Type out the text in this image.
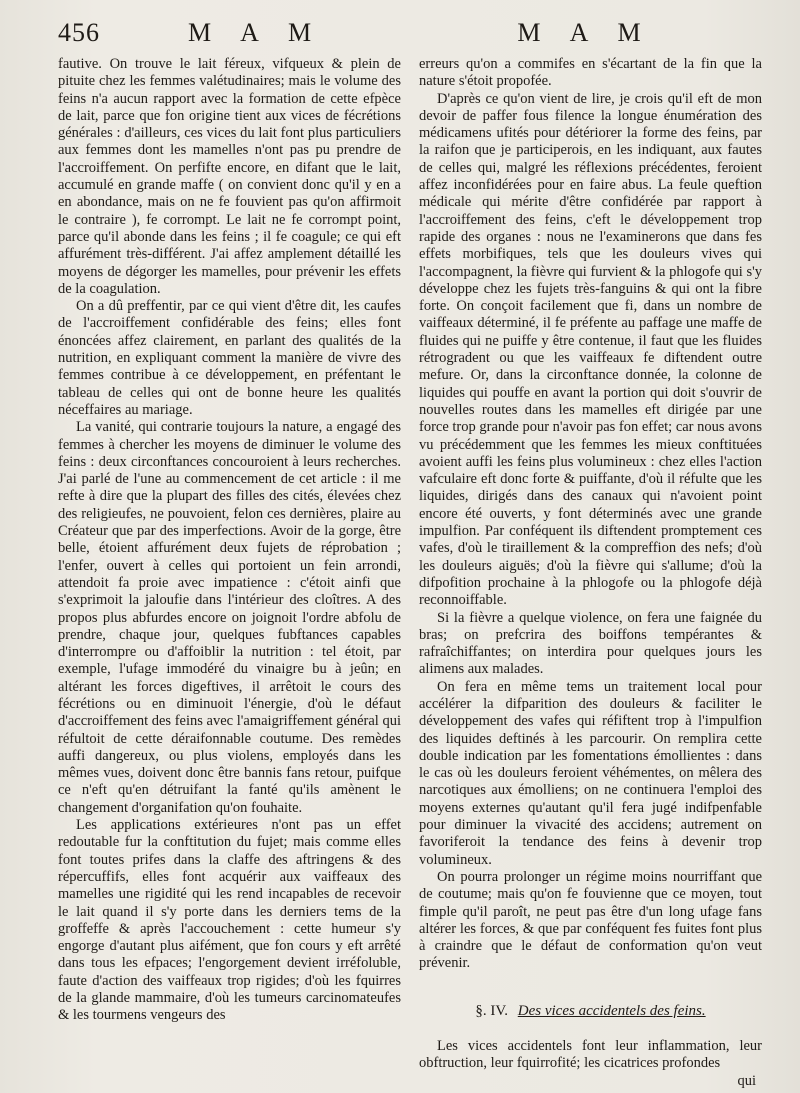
456	M A M	M A M

fautive. On trouve le lait féreux, vifqueux & plein de pituite chez les femmes valétudinaires; mais le volume des feins n'a aucun rapport avec la formation de cette efpèce de lait, parce que fon origine tient aux vices de fécrétions générales : d'ailleurs, ces vices du lait font plus particuliers aux femmes dont les mamelles n'ont pas pu prendre de l'accroiffement. On perfifte encore, en difant que le lait, accumulé en grande maffe ( on convient donc qu'il y en a en abondance, mais on ne fe fouvient pas qu'on affirmoit le contraire ), fe corrompt. Le lait ne fe corrompt point, parce qu'il abonde dans les feins ; il fe coagule; ce qui eft affurément très-différent. J'ai affez amplement détaillé les moyens de dégorger les mamelles, pour prévenir les effets de la coagulation.

On a dû preffentir, par ce qui vient d'être dit, les caufes de l'accroiffement confidérable des feins; elles font énoncées affez clairement, en parlant des qualités de la nutrition, en expliquant comment la manière de vivre des femmes contribue à ce développement, en préfentant le tableau de celles qui ont de bonne heure les qualités néceffaires au mariage.

La vanité, qui contrarie toujours la nature, a engagé des femmes à chercher les moyens de diminuer le volume des feins : deux circonftances concouroient à leurs recherches. J'ai parlé de l'une au commencement de cet article : il me refte à dire que la plupart des filles des cités, élevées chez des religieufes, ne pouvoient, felon ces dernières, plaire au Créateur que par des imperfections. Avoir de la gorge, être belle, étoient affurément deux fujets de réprobation ; l'enfer, ouvert à celles qui portoient un fein arrondi, attendoit fa proie avec impatience : c'étoit ainfi que s'exprimoit la jaloufie dans l'intérieur des cloîtres. A des propos plus abfurdes encore on joignoit l'ordre abfolu de prendre, chaque jour, quelques fubftances capables d'interrompre ou d'affoiblir la nutrition : tel étoit, par exemple, l'ufage immodéré du vinaigre bu à jeûn; en altérant les forces digeftives, il arrêtoit le cours des fécrétions ou en diminuoit l'énergie, d'où le défaut d'accroiffement des feins avec l'amaigriffement général qui réfultoit de cette déraifonnable coutume. Des remèdes auffi dangereux, ou plus violens, employés dans les mêmes vues, doivent donc être bannis fans retour, puifque ce n'eft qu'en détruifant la fanté qu'ils amènent le changement d'organifation qu'on fouhaite.

Les applications extérieures n'ont pas un effet redoutable fur la conftitution du fujet; mais comme elles font toutes prifes dans la claffe des aftringens & des répercuffifs, elles font acquérir aux vaiffeaux des mamelles une rigidité qui les rend incapables de recevoir le lait quand il s'y porte dans les derniers tems de la groffeffe & après l'accouchement : cette humeur s'y engorge d'autant plus aifément, que fon cours y eft arrêté dans tous les efpaces; l'engorgement devient irréfoluble, faute d'action des vaiffeaux trop rigides; d'où les fquirres de la glande mammaire, d'où les tumeurs carcinomateufes & les tourmens vengeurs des

erreurs qu'on a commifes en s'écartant de la fin que la nature s'étoit propofée.

D'après ce qu'on vient de lire, je crois qu'il eft de mon devoir de paffer fous filence la longue énumération des médicamens ufités pour détériorer la forme des feins, par la raifon que je participerois, en les indiquant, aux fautes de celles qui, malgré les réflexions précédentes, feroient affez inconfidérées pour en faire abus. La feule queftion médicale qui mérite d'être confidérée par rapport à l'accroiffement des feins, c'eft le développement trop rapide des organes : nous ne l'examinerons que dans fes effets morbifiques, tels que les douleurs vives qui l'accompagnent, la fièvre qui furvient & la phlogofe qui s'y développe chez les fujets très-fanguins & qui ont la fibre forte. On conçoit facilement que fi, dans un nombre de vaiffeaux déterminé, il fe préfente au paffage une maffe de fluides qui ne puiffe y être contenue, il faut que les fluides rétrogradent ou que les vaiffeaux fe diftendent outre mefure. Or, dans la circonftance donnée, la colonne de liquides qui pouffe en avant la portion qui doit s'ouvrir de nouvelles routes dans les mamelles eft dirigée par une force trop grande pour n'avoir pas fon effet; car nous avons vu précédemment que les femmes les mieux conftituées avoient auffi les feins plus volumineux : chez elles l'action vafculaire eft donc forte & puiffante, d'où il réfulte que les liquides, dirigés dans des canaux qui n'avoient point encore été ouverts, y font déterminés avec une grande impulfion. Par conféquent ils diftendent promptement ces vafes, d'où le tiraillement & la compreffion des nefs; d'où les douleurs aiguës; d'où la fièvre qui s'allume; d'où la difpofition prochaine à la phlogofe ou la phlogofe déjà reconnoiffable.

Si la fièvre a quelque violence, on fera une faignée du bras; on prefcrira des boiffons tempérantes & rafraîchiffantes; on interdira pour quelques jours les alimens aux malades.

On fera en même tems un traitement local pour accélérer la difparition des douleurs & faciliter le développement des vafes qui réfiftent trop à l'impulfion des liquides deftinés à les parcourir. On remplira cette double indication par les fomentations émollientes : dans le cas où les douleurs feroient véhémentes, on mêlera des narcotiques aux émolliens; on ne continuera l'emploi des moyens externes qu'autant qu'il fera jugé indifpenfable pour diminuer la vivacité des accidens; autrement on favoriferoit la tendance des feins à devenir trop volumineux.

On pourra prolonger un régime moins nourriffant que de coutume; mais qu'on fe fouvienne que ce moyen, tout fimple qu'il paroît, ne peut pas être d'un long ufage fans altérer les forces, & que par conféquent fes fuites font plus à craindre que le défaut de conformation qu'on veut prévenir.

§. IV. Des vices accidentels des feins.

Les vices accidentels font leur inflammation, leur obftruction, leur fquirrofité; les cicatrices profondes

qui
